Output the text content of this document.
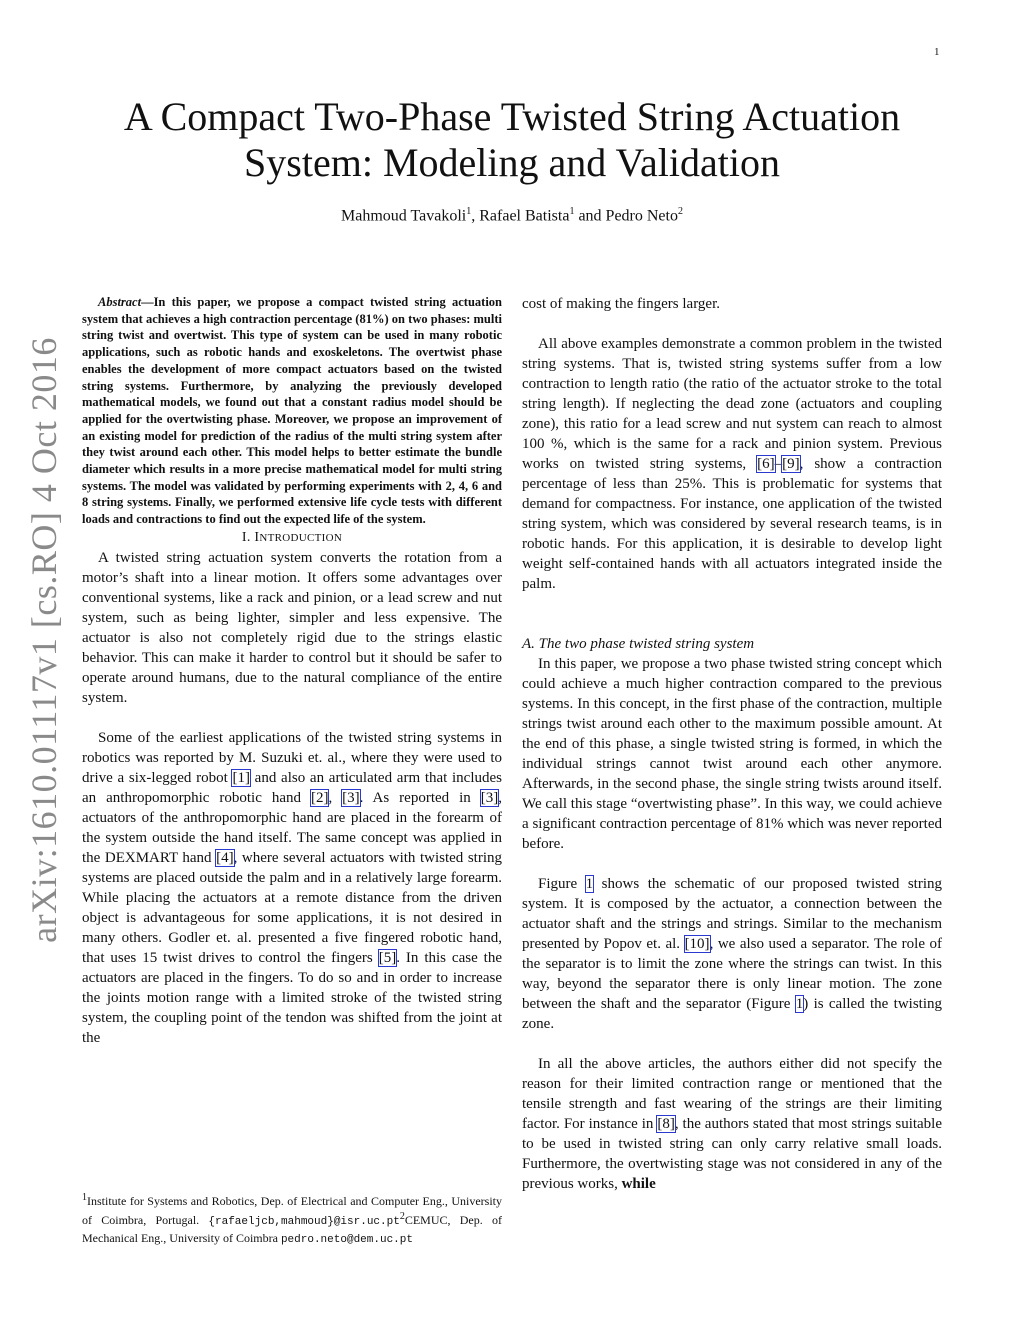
1
arXiv:1610.01117v1 [cs.RO] 4 Oct 2016
A Compact Two-Phase Twisted String Actuation
System: Modeling and Validation
Mahmoud Tavakoli$^1$, Rafael Batista$^1$ and Pedro Neto$^2$

Abstract—In this paper, we propose a compact twisted string actuation system that achieves a high contraction percentage (81%) on two phases: multi string twist and overtwist. This type of system can be used in many robotic applications, such as robotic hands and exoskeletons. The overtwist phase enables the development of more compact actuators based on the twisted string systems. Furthermore, by analyzing the previously developed mathematical models, we found out that a constant radius model should be applied for the overtwisting phase. Moreover, we propose an improvement of an existing model for prediction of the radius of the multi string system after they twist around each other. This model helps to better estimate the bundle diameter which results in a more precise mathematical model for multi string systems. The model was validated by performing experiments with 2, 4, 6 and 8 string systems. Finally, we performed extensive life cycle tests with different loads and contractions to find out the expected life of the system.

I. INTRODUCTION

A twisted string actuation system converts the rotation from a motor’s shaft into a linear motion. It offers some advantages over conventional systems, like a rack and pinion, or a lead screw and nut system, such as being lighter, simpler and less expensive. The actuator is also not completely rigid due to the strings elastic behavior. This can make it harder to control but it should be safer to operate around humans, due to the natural compliance of the entire system.

Some of the earliest applications of the twisted string systems in robotics was reported by M. Suzuki et. al., where they were used to drive a six-legged robot [1] and also an articulated arm that includes an anthropomorphic robotic hand [2], [3]. As reported in [3], actuators of the anthropomorphic hand are placed in the forearm of the system outside the hand itself. The same concept was applied in the DEXMART hand [4], where several actuators with twisted string systems are placed outside the palm and in a relatively large forearm. While placing the actuators at a remote distance from the driven object is advantageous for some applications, it is not desired in many others. Godler et. al. presented a five fingered robotic hand, that uses 15 twist drives to control the fingers [5]. In this case the actuators are placed in the fingers. To do so and in order to increase the joints motion range with a limited stroke of the twisted string system, the coupling point of the tendon was shifted from the joint at the

$^1$Institute for Systems and Robotics, Dep. of Electrical and Computer Eng., University of Coimbra, Portugal. $\{rafaeljcb,mahmoud\}@isr.uc.pt^2CEMUC$, Dep. of Mechanical Eng., University of Coimbra pedro.neto@dem.uc.pt

cost of making the fingers larger.

All above examples demonstrate a common problem in the twisted string systems. That is, twisted string systems suffer from a low contraction to length ratio (the ratio of the actuator stroke to the total string length). If neglecting the dead zone (actuators and coupling zone), this ratio for a lead screw and nut system can reach to almost 100 %, which is the same for a rack and pinion system. Previous works on twisted string systems, [6]–[9], show a contraction percentage of less than 25%. This is problematic for systems that demand for compactness. For instance, one application of the twisted string system, which was considered by several research teams, is in robotic hands. For this application, it is desirable to develop light weight self-contained hands with all actuators integrated inside the palm.

A. The two phase twisted string system

In this paper, we propose a two phase twisted string concept which could achieve a much higher contraction compared to the previous systems. In this concept, in the first phase of the contraction, multiple strings twist around each other to the maximum possible amount. At the end of this phase, a single twisted string is formed, in which the individual strings cannot twist around each other anymore. Afterwards, in the second phase, the single string twists around itself. We call this stage “overtwisting phase”. In this way, we could achieve a significant contraction percentage of 81% which was never reported before.

Figure 1 shows the schematic of our proposed twisted string system. It is composed by the actuator, a connection between the actuator shaft and the strings and strings. Similar to the mechanism presented by Popov et. al. [10], we also used a separator. The role of the separator is to limit the zone where the strings can twist. In this way, beyond the separator there is only linear motion. The zone between the shaft and the separator (Figure 1) is called the twisting zone.

In all the above articles, the authors either did not specify the reason for their limited contraction range or mentioned that the tensile strength and fast wearing of the strings are their limiting factor. For instance in [8], the authors stated that most strings suitable to be used in twisted string can only carry relative small loads. Furthermore, the overtwisting stage was not considered in any of the previous works, while
